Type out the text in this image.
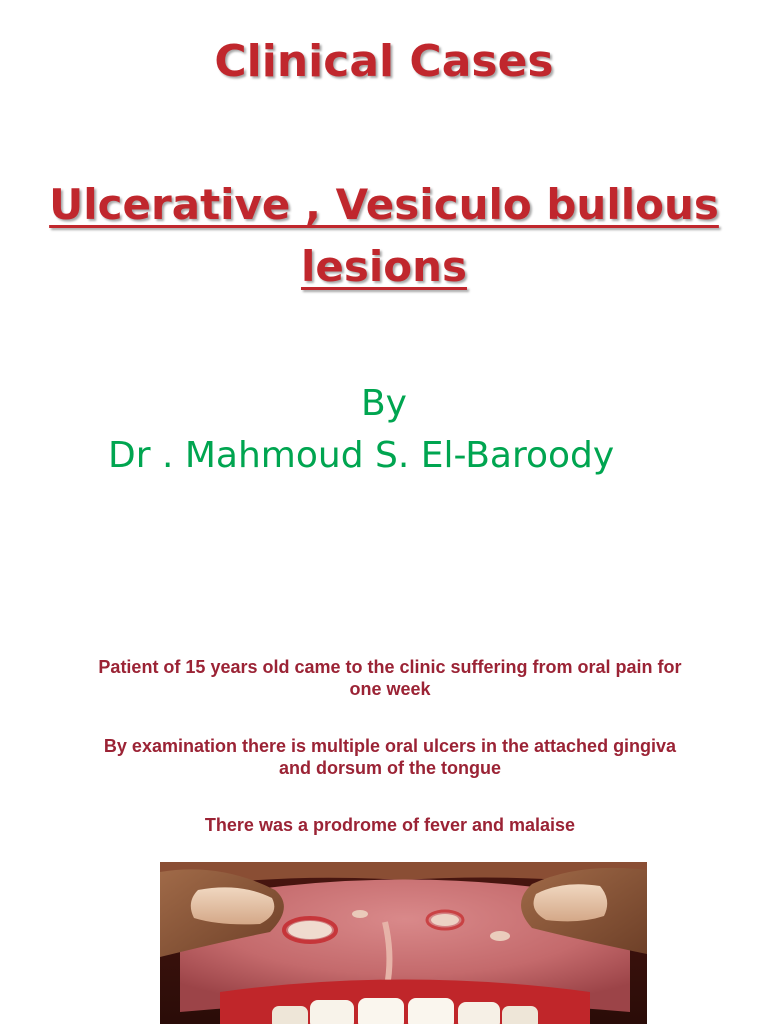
Clinical Cases
Ulcerative , Vesiculo bullous
lesions

By

Dr . Mahmoud S. El-Baroody

Patient of 15 years old came to the clinic suffering from oral pain for one week

By examination there is multiple oral ulcers in the attached gingiva and dorsum of the tongue

There was a prodrome of fever and malaise
